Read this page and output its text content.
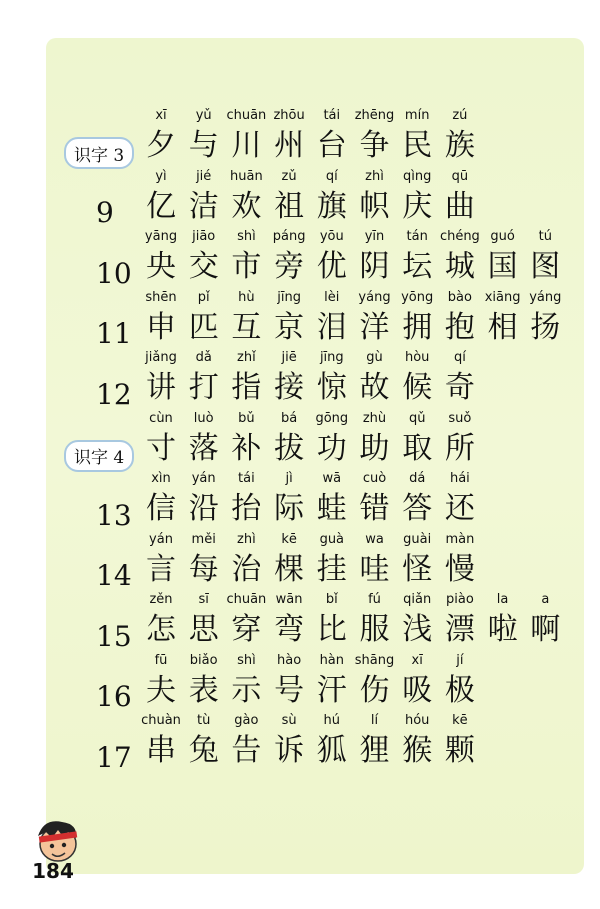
识字 3
xī
夕
yǔ
与
chuān
川
zhōu
州
tái
台
zhēng
争
mín
民
zú
族
9
yì
亿
jié
洁
huān
欢
zǔ
祖
qí
旗
zhì
帜
qìng
庆
qū
曲
10
yāng
央
jiāo
交
shì
市
páng
旁
yōu
优
yīn
阴
tán
坛
chéng
城
guó
国
tú
图
11
shēn
申
pǐ
匹
hù
互
jīng
京
lèi
泪
yáng
洋
yōng
拥
bào
抱
xiāng
相
yáng
扬
12
jiǎng
讲
dǎ
打
zhǐ
指
jiē
接
jīng
惊
gù
故
hòu
候
qí
奇
识字 4
cùn
寸
luò
落
bǔ
补
bá
拔
gōng
功
zhù
助
qǔ
取
suǒ
所
13
xìn
信
yán
沿
tái
抬
jì
际
wā
蛙
cuò
错
dá
答
hái
还
14
yán
言
měi
每
zhì
治
kē
棵
guà
挂
wa
哇
guài
怪
màn
慢
15
zěn
怎
sī
思
chuān
穿
wān
弯
bǐ
比
fú
服
qiǎn
浅
piào
漂
la
啦
a
啊
16
fū
夫
biǎo
表
shì
示
hào
号
hàn
汗
shāng
伤
xī
吸
jí
极
17
chuàn
串
tù
兔
gào
告
sù
诉
hú
狐
lí
狸
hóu
猴
kē
颗
184
